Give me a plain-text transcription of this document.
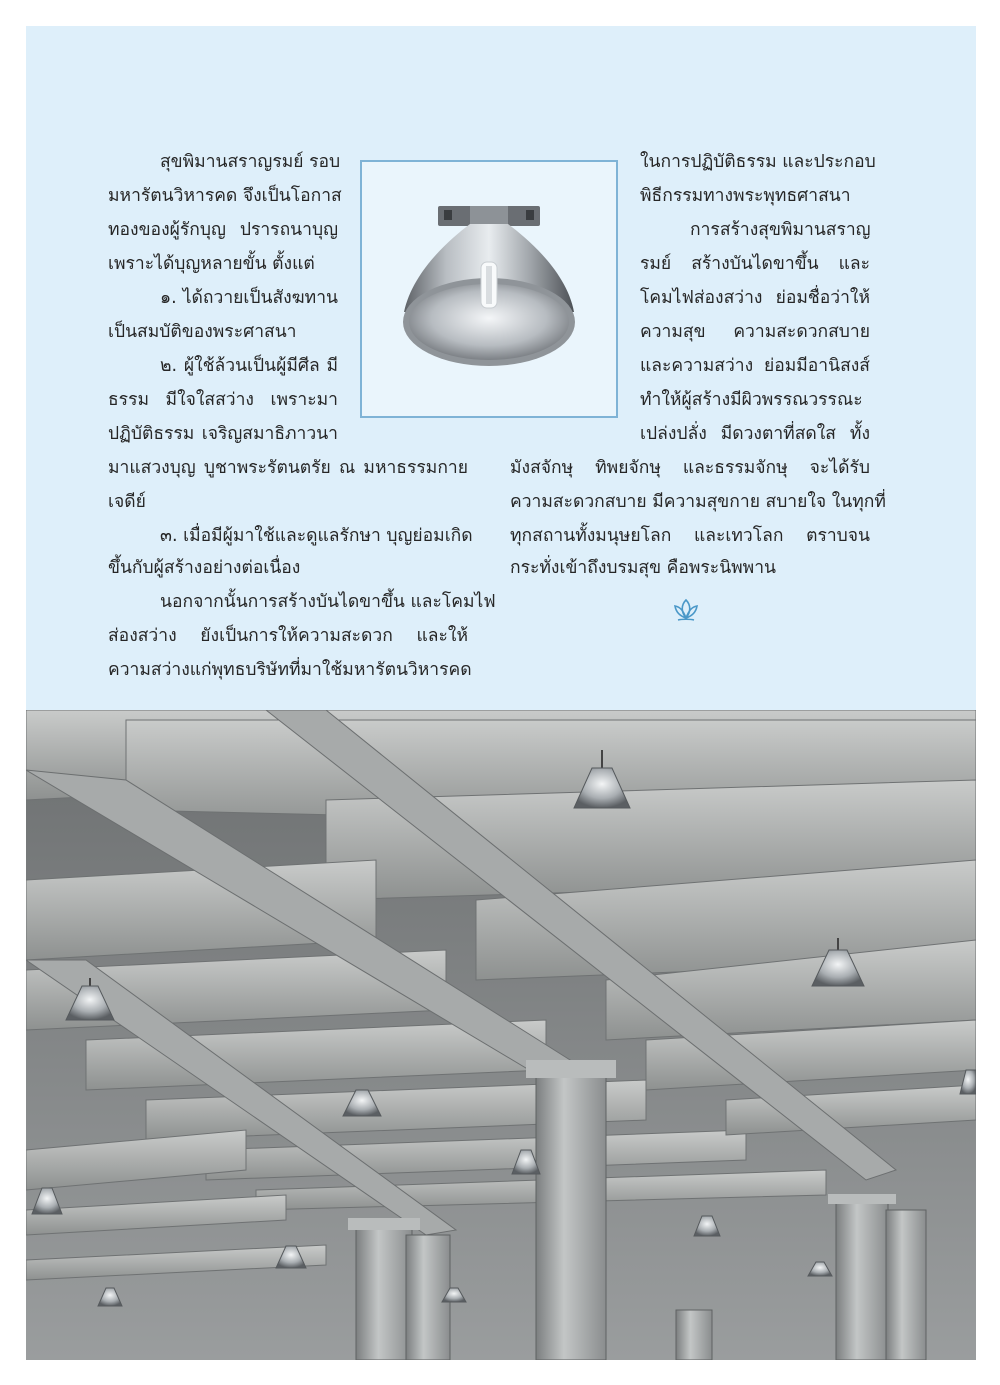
สุขพิมานสราญรมย์ รอบ
มหารัตนวิหารคด จึงเป็นโอกาส
ทองของผู้รักบุญ ปรารถนาบุญ
เพราะได้บุญหลายขั้น ตั้งแต่
๑. ได้ถวายเป็นสังฆทาน
เป็นสมบัติของพระศาสนา
๒. ผู้ใช้ล้วนเป็นผู้มีศีล มี
ธรรม มีใจใสสว่าง เพราะมา
ปฏิบัติธรรม เจริญสมาธิภาวนา
มาแสวงบุญ บูชาพระรัตนตรัย ณ มหาธรรมกาย
เจดีย์
๓. เมื่อมีผู้มาใช้และดูแลรักษา บุญย่อมเกิด
ขึ้นกับผู้สร้างอย่างต่อเนื่อง
นอกจากนั้นการสร้างบันไดขาขึ้น และโคมไฟ
ส่องสว่าง ยังเป็นการให้ความสะดวก และให้
ความสว่างแก่พุทธบริษัทที่มาใช้มหารัตนวิหารคด
ในการปฏิบัติธรรม และประกอบ
พิธีกรรมทางพระพุทธศาสนา
การสร้างสุขพิมานสราญ
รมย์ สร้างบันไดขาขึ้น และ
โคมไฟส่องสว่าง ย่อมชื่อว่าให้
ความสุข ความสะดวกสบาย
และความสว่าง ย่อมมีอานิสงส์
ทำให้ผู้สร้างมีผิวพรรณวรรณะ
เปล่งปลั่ง มีดวงตาที่สดใส ทั้ง
มังสจักษุ ทิพยจักษุ และธรรมจักษุ จะได้รับ
ความสะดวกสบาย มีความสุขกาย สบายใจ ในทุกที่
ทุกสถานทั้งมนุษยโลก และเทวโลก ตราบจน
กระทั่งเข้าถึงบรมสุข คือพระนิพพาน
